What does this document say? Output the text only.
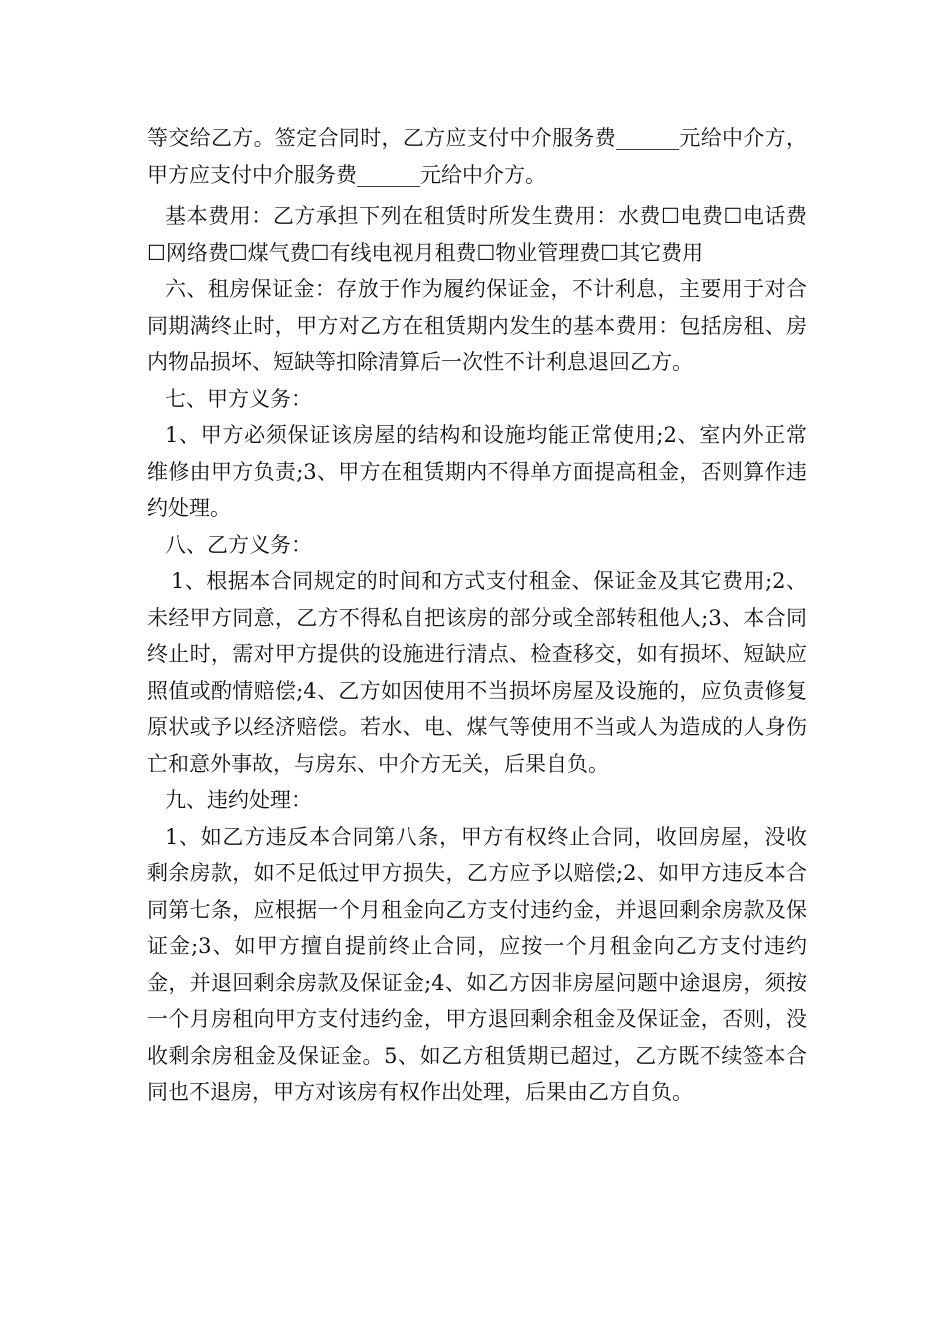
等交给乙方。签定合同时，乙方应支付中介服务费______元给中介方，甲方应支付中介服务费______元给中介方。

基本费用：乙方承担下列在租赁时所发生费用：水费☐电费☐电话费☐网络费☐煤气费☐有线电视月租费☐物业管理费☐其它费用

六、租房保证金：存放于作为履约保证金，不计利息，主要用于对合同期满终止时，甲方对乙方在租赁期内发生的基本费用：包括房租、房内物品损坏、短缺等扣除清算后一次性不计利息退回乙方。

七、甲方义务：

1、甲方必须保证该房屋的结构和设施均能正常使用;2、室内外正常维修由甲方负责;3、甲方在租赁期内不得单方面提高租金，否则算作违约处理。

八、乙方义务：

1、根据本合同规定的时间和方式支付租金、保证金及其它费用;2、未经甲方同意，乙方不得私自把该房的部分或全部转租他人;3、本合同终止时，需对甲方提供的设施进行清点、检查移交，如有损坏、短缺应照值或酌情赔偿;4、乙方如因使用不当损坏房屋及设施的，应负责修复原状或予以经济赔偿。若水、电、煤气等使用不当或人为造成的人身伤亡和意外事故，与房东、中介方无关，后果自负。

九、违约处理：

1、如乙方违反本合同第八条，甲方有权终止合同，收回房屋，没收剩余房款，如不足低过甲方损失，乙方应予以赔偿;2、如甲方违反本合同第七条，应根据一个月租金向乙方支付违约金，并退回剩余房款及保证金;3、如甲方擅自提前终止合同，应按一个月租金向乙方支付违约金，并退回剩余房款及保证金;4、如乙方因非房屋问题中途退房，须按一个月房租向甲方支付违约金，甲方退回剩余租金及保证金，否则，没收剩余房租金及保证金。5、如乙方租赁期已超过，乙方既不续签本合同也不退房，甲方对该房有权作出处理，后果由乙方自负。
